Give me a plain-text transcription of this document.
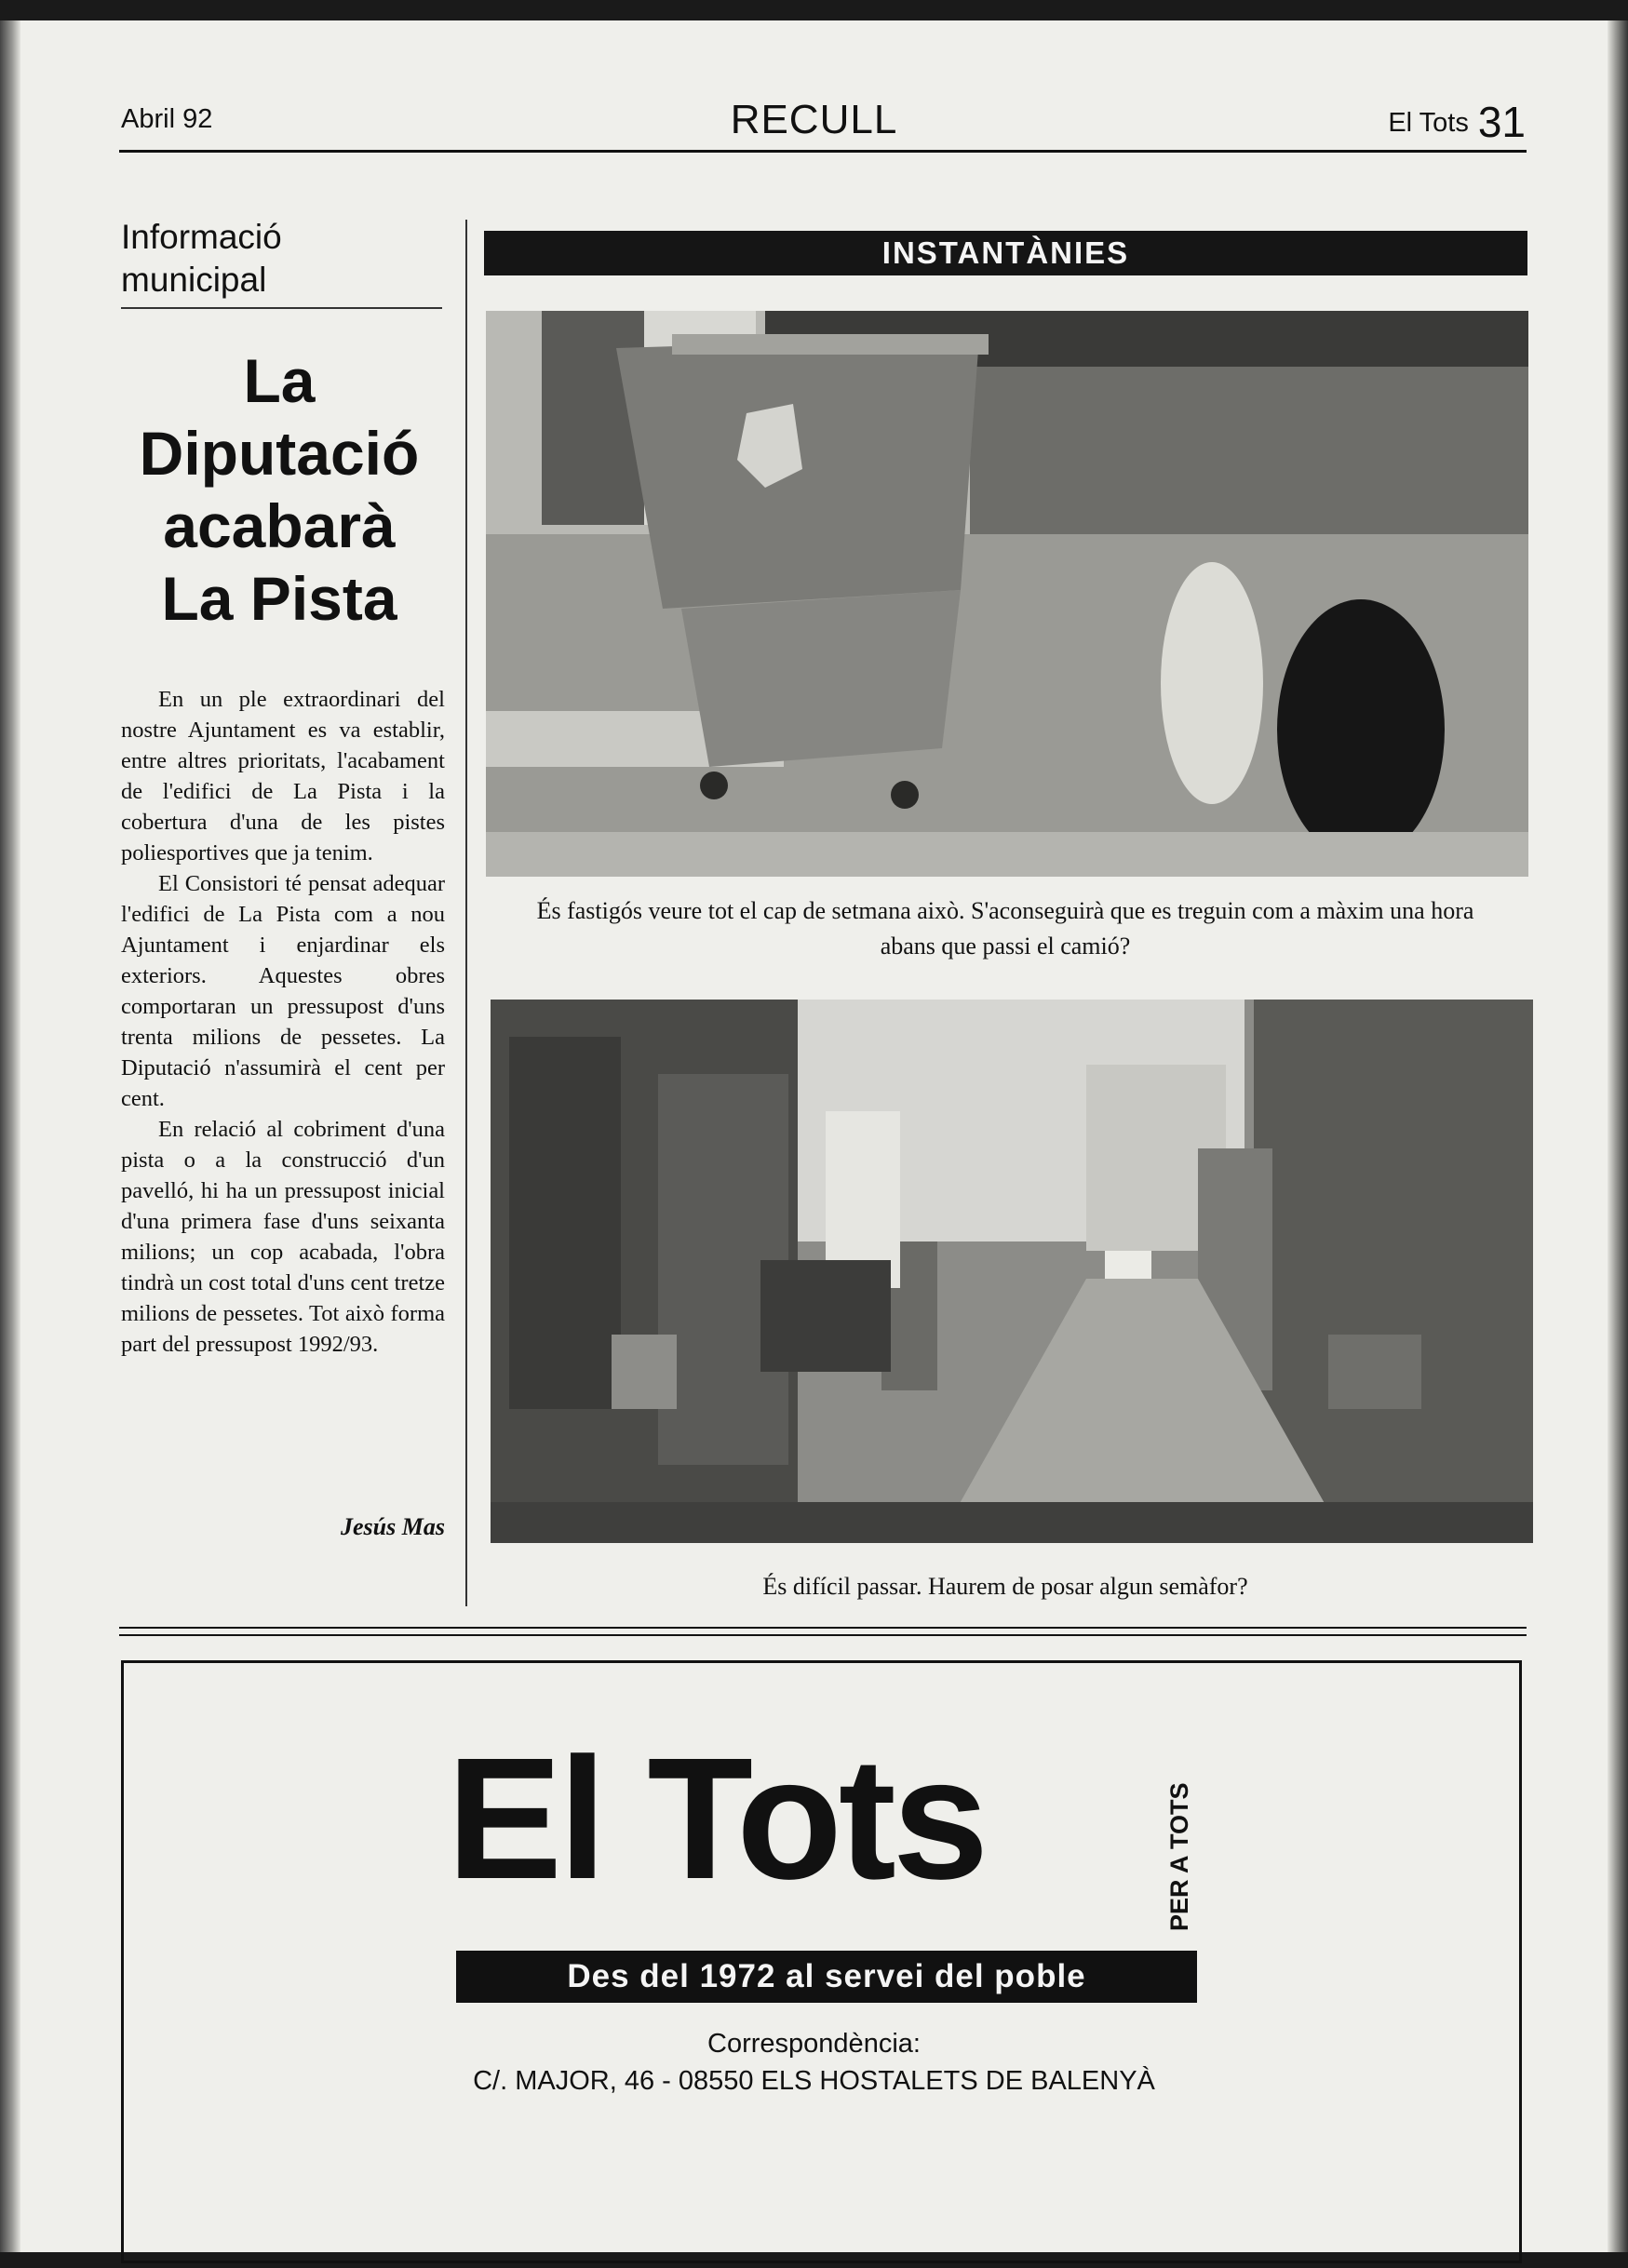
Abril 92	RECULL	El Tots 31
Informació municipal
La
Diputació
acabarà
La Pista

En un ple extraordinari del nostre Ajuntament es va establir, entre altres prioritats, l'acabament de l'edifici de La Pista i la cobertura d'una de les pistes poliesportives que ja tenim.

El Consistori té pensat adequar l'edifici de La Pista com a nou Ajuntament i enjardinar els exteriors. Aquestes obres comportaran un pressupost d'uns trenta milions de pessetes. La Diputació n'assumirà el cent per cent.

En relació al cobriment d'una pista o a la construcció d'un pavelló, hi ha un pressupost inicial d'una primera fase d'uns seixanta milions; un cop acabada, l'obra tindrà un cost total d'uns cent tretze milions de pessetes. Tot això forma part del pressupost 1992/93.

Jesús Mas
INSTANTÀNIES
És fastigós veure tot el cap de setmana això. S'aconseguirà que es treguin com a màxim una hora abans que passi el camió?
És difícil passar. Haurem de posar algun semàfor?
El Tots	PER A TOTS
Des del 1972 al servei del poble
Correspondència:
C/. MAJOR, 46 - 08550 ELS HOSTALETS DE BALENYÀ
